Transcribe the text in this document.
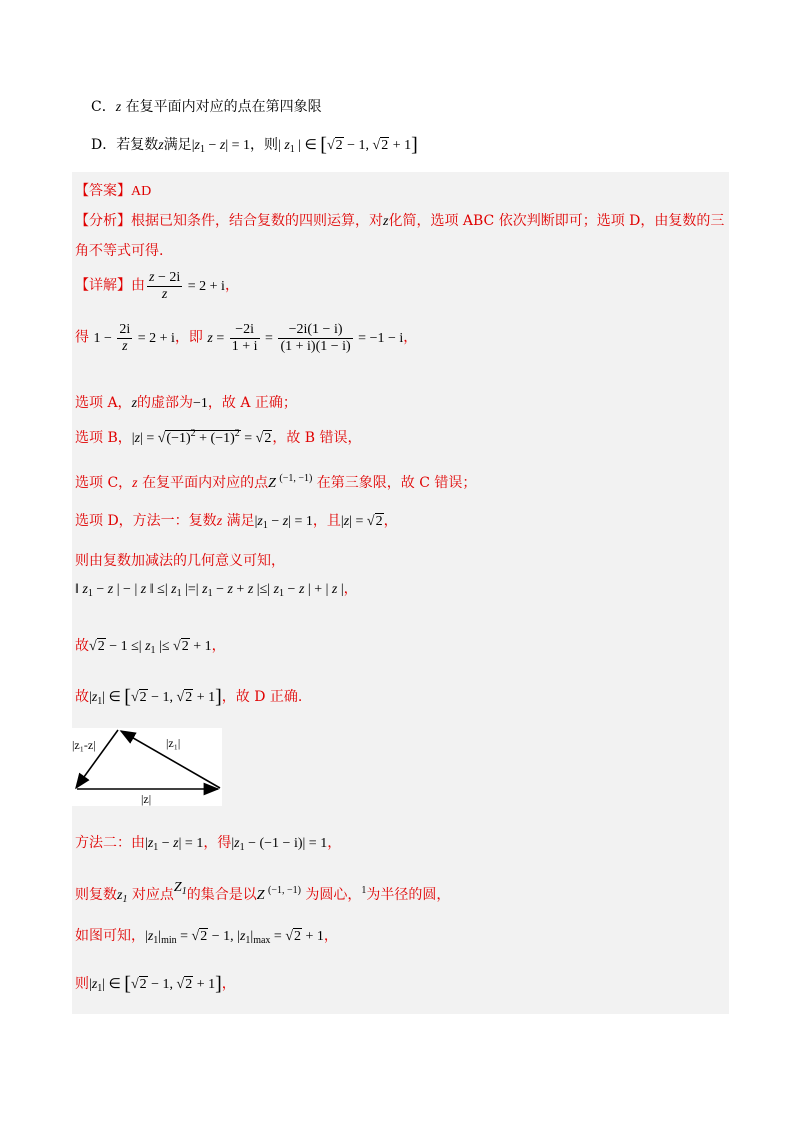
C．z 在复平面内对应的点在第四象限
D．若复数z满足$|z_1 - z| = 1$，则| $z_1$ | ∈ [√2 − 1, √2 + 1]
【答案】AD
【分析】根据已知条件，结合复数的四则运算，对z化简，选项 ABC 依次判断即可；选项 D，由复数的三
角不等式可得.
【详解】由 $\frac{z - 2i}{z} = 2 + i$，
得 $1 - \frac{2i}{z} = 2 + i$，即 $z = \frac{-2i}{1 + i} = \frac{-2i(1 - i)}{(1 + i)(1 - i)} = -1 - i$，
选项 A，z的虚部为−1，故 A 正确；
选项 B，$|z| = √(-1)^2 + (-1)^2 = √2$，故 B 错误，
选项 C，z 在复平面内对应的点Z $^{(-1, -1)}$ 在第三象限，故 C 错误；
选项 D，方法一：复数z 满足$|z_1 - z| = 1$，且|z| = √2，
则由复数加减法的几何意义可知，
‖ $z_1 - z$ | − | z ‖ ≤| $z_1$ |=| $z_1 - z + z$ |≤| $z_1 - z$ | + | z |，
故√2 − 1 ≤| $z_1$ |≤ √2 + 1，
故$|z_1|$ ∈ [√2 − 1, √2 + 1]，故 D 正确.
|z₁-z|	|z₁|
|z|
方法二：由$|z_1 - z| = 1$，得$|z_1 - (-1 - i)| = 1$，
则复数$z_1$ 对应点$Z_1$的集合是以Z $^{(-1, -1)}$ 为圆心，$^1$为半径的圆，
如图可知，$|z_1|_{min} = √2 - 1$, $|z_1|_{max} = √2 + 1$，
则$|z_1|$ ∈ [√2 − 1, √2 + 1]，
